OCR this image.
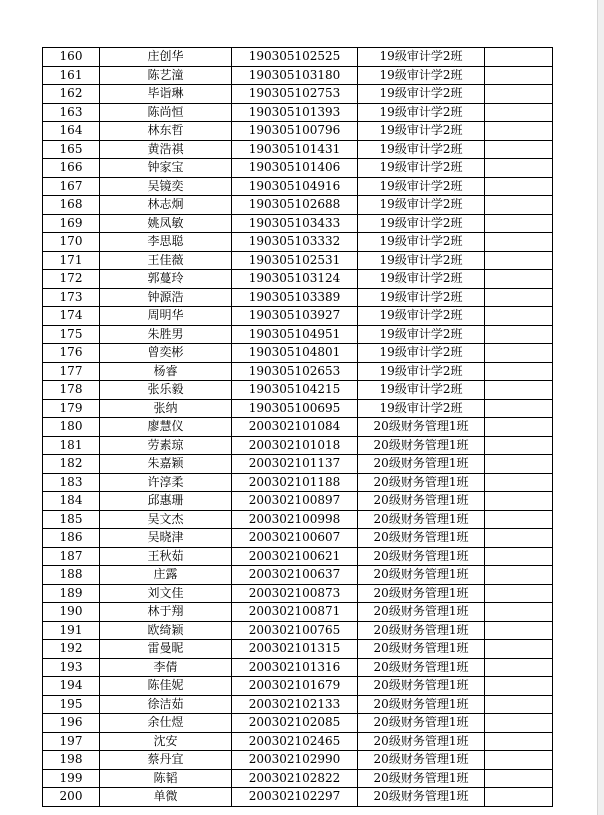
160	庄创华	190305102525	19级审计学2班	
161	陈艺潼	190305103180	19级审计学2班	
162	毕诣琳	190305102753	19级审计学2班	
163	陈尚恒	190305101393	19级审计学2班	
164	林东哲	190305100796	19级审计学2班	
165	黄浩祺	190305101431	19级审计学2班	
166	钟家宝	190305101406	19级审计学2班	
167	吴镜奕	190305104916	19级审计学2班	
168	林志炯	190305102688	19级审计学2班	
169	姚凤敏	190305103433	19级审计学2班	
170	李思聪	190305103332	19级审计学2班	
171	王佳薇	190305102531	19级审计学2班	
172	郭蔓玲	190305103124	19级审计学2班	
173	钟源浩	190305103389	19级审计学2班	
174	周明华	190305103927	19级审计学2班	
175	朱胜男	190305104951	19级审计学2班	
176	曾奕彬	190305104801	19级审计学2班	
177	杨睿	190305102653	19级审计学2班	
178	张乐毅	190305104215	19级审计学2班	
179	张纳	190305100695	19级审计学2班	
180	廖慧仪	200302101084	20级财务管理1班	
181	劳素琼	200302101018	20级财务管理1班	
182	朱嘉颖	200302101137	20级财务管理1班	
183	许淳柔	200302101188	20级财务管理1班	
184	邱惠珊	200302100897	20级财务管理1班	
185	吴文杰	200302100998	20级财务管理1班	
186	吴晓津	200302100607	20级财务管理1班	
187	王秋茹	200302100621	20级财务管理1班	
188	庄露	200302100637	20级财务管理1班	
189	刘文佳	200302100873	20级财务管理1班	
190	林于翔	200302100871	20级财务管理1班	
191	欧绮颖	200302100765	20级财务管理1班	
192	雷曼昵	200302101315	20级财务管理1班	
193	李倩	200302101316	20级财务管理1班	
194	陈佳妮	200302101679	20级财务管理1班	
195	徐洁茹	200302102133	20级财务管理1班	
196	余仕煜	200302102085	20级财务管理1班	
197	沈安	200302102465	20级财务管理1班	
198	蔡丹宜	200302102990	20级财务管理1班	
199	陈韬	200302102822	20级财务管理1班	
200	单微	200302102297	20级财务管理1班	
